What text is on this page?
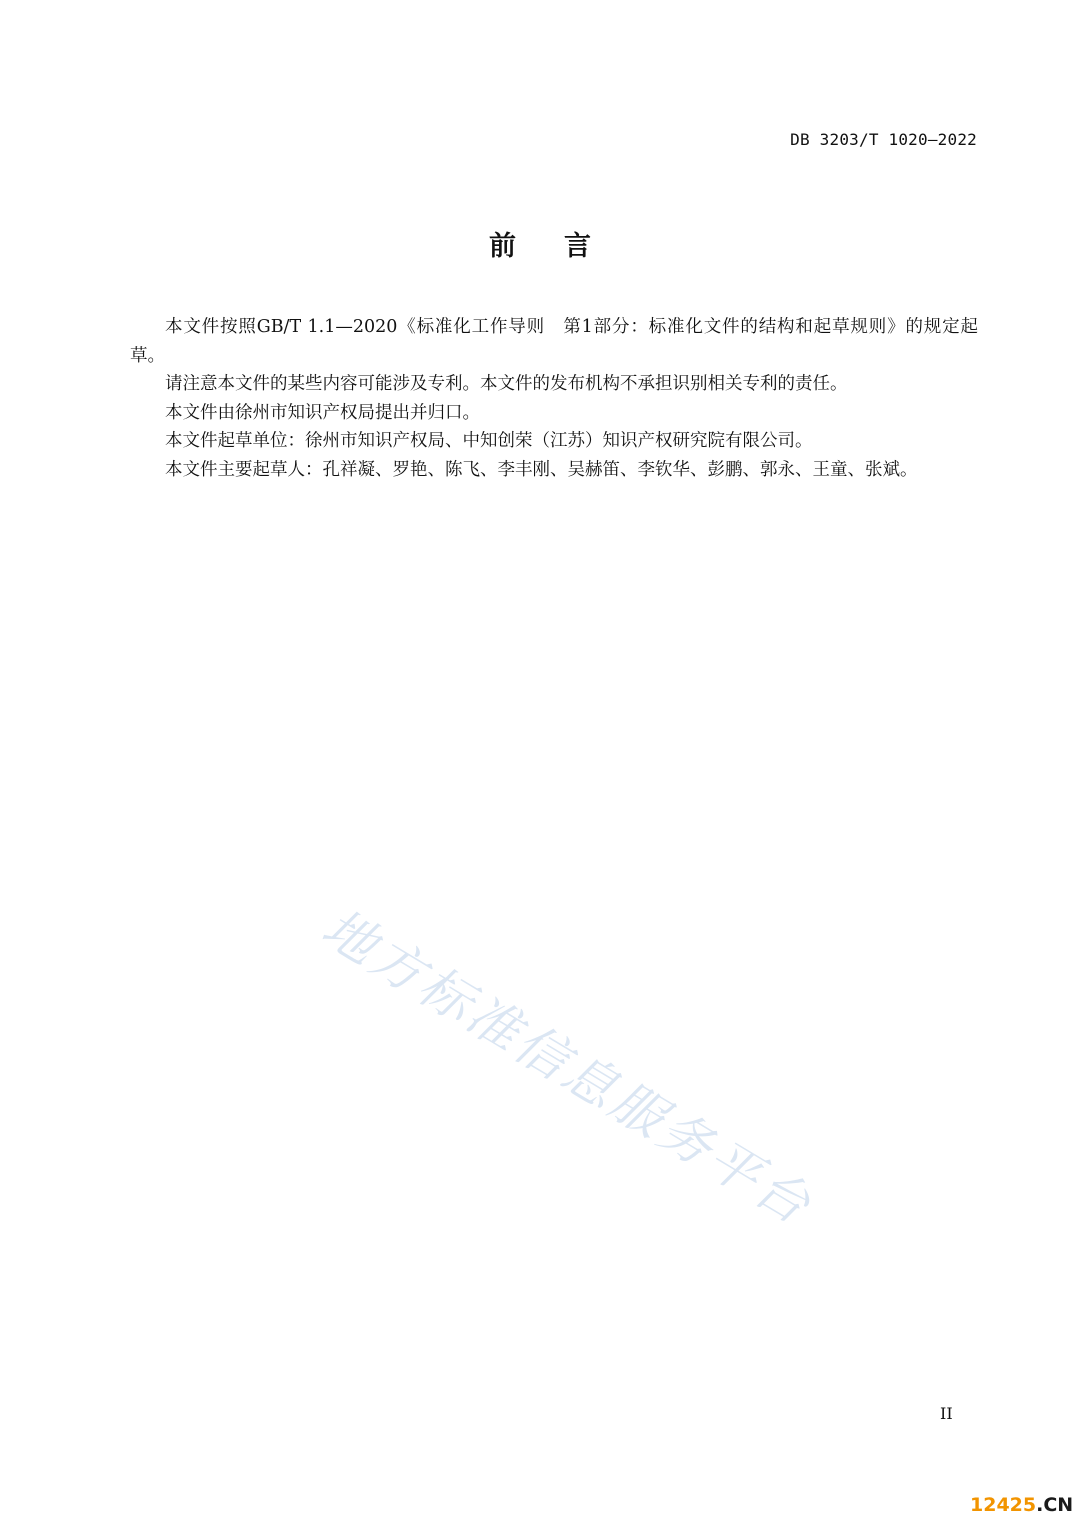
DB 3203/T 1020—2022
前 言

本文件按照GB/T 1.1—2020《标准化工作导则　第1部分：标准化文件的结构和起草规则》的规定起草。

请注意本文件的某些内容可能涉及专利。本文件的发布机构不承担识别相关专利的责任。

本文件由徐州市知识产权局提出并归口。

本文件起草单位：徐州市知识产权局、中知创荣（江苏）知识产权研究院有限公司。

本文件主要起草人：孔祥凝、罗艳、陈飞、李丰刚、吴赫笛、李钦华、彭鹏、郭永、王童、张斌。

地方标准信息服务平台
II
12425.CN
